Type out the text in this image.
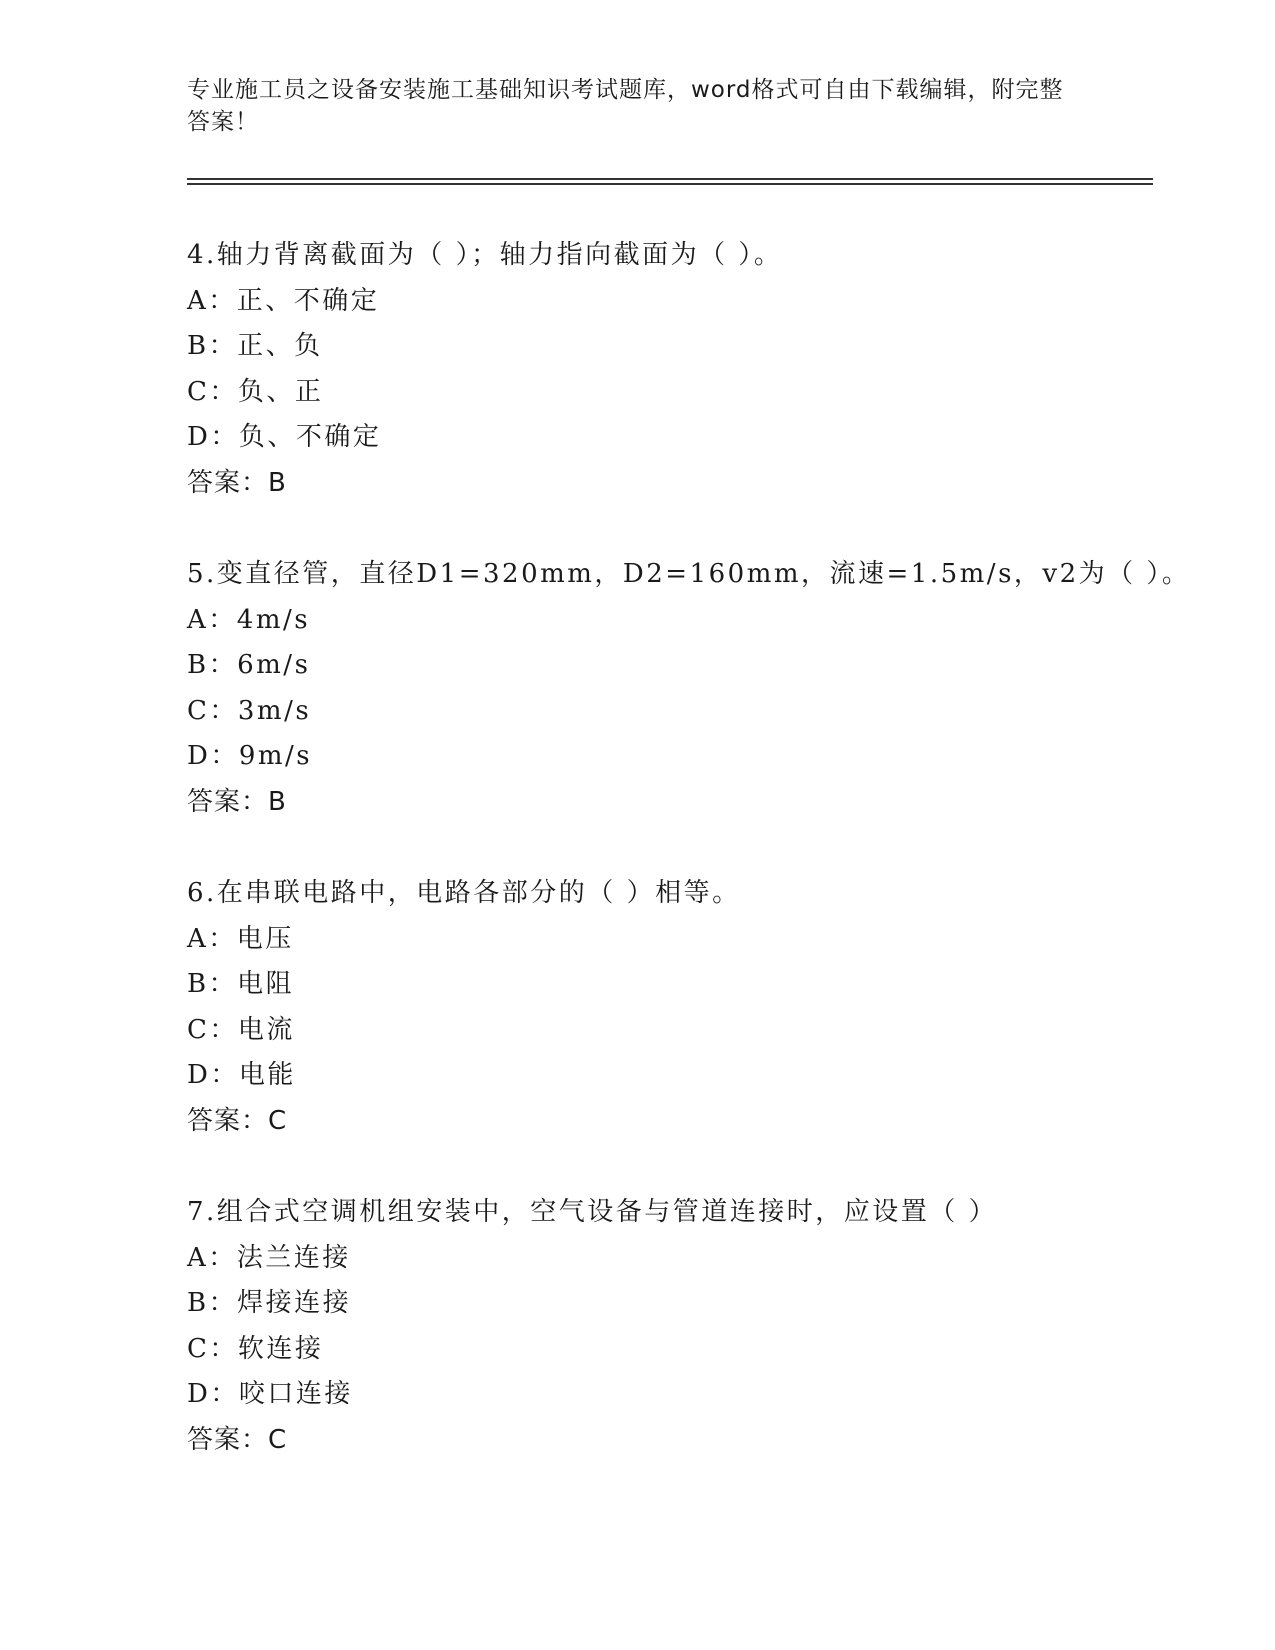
专业施工员之设备安装施工基础知识考试题库，word格式可自由下载编辑，附完整答案！
4.轴力背离截面为（ ）；轴力指向截面为（ ）。
A：正、不确定
B：正、负
C：负、正
D：负、不确定
答案：B
5.变直径管，直径D1=320mm，D2=160mm，流速=1.5m/s，v2为（ ）。
A：4m/s
B：6m/s
C：3m/s
D：9m/s
答案：B
6.在串联电路中，电路各部分的（ ）相等。
A：电压
B：电阻
C：电流
D：电能
答案：C
7.组合式空调机组安装中，空气设备与管道连接时，应设置（ ）
A：法兰连接
B：焊接连接
C：软连接
D：咬口连接
答案：C
